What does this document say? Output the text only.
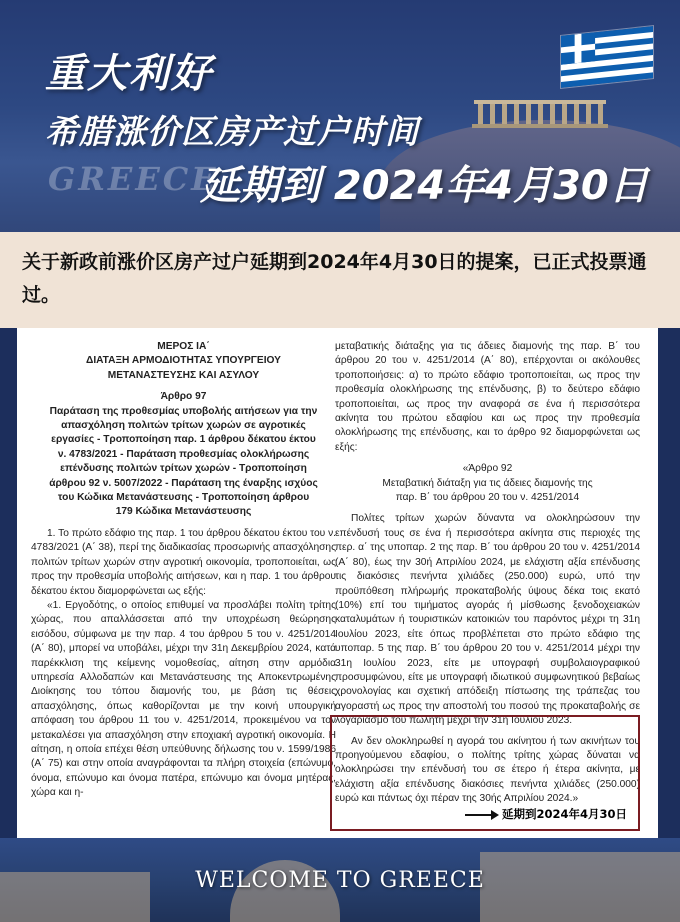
GREECE
重大利好
希腊涨价区房产过户时间
延期到 2024年4月30日

关于新政前涨价区房产过户延期到2024年4月30日的提案，已正式投票通过。

ΜΕΡΟΣ ΙΑ΄
ΔΙΑΤΑΞΗ ΑΡΜΟΔΙΟΤΗΤΑΣ ΥΠΟΥΡΓΕΙΟΥ
ΜΕΤΑΝΑΣΤΕΥΣΗΣ ΚΑΙ ΑΣΥΛΟΥ
Άρθρο 97
Παράταση της προθεσμίας υποβολής αιτήσεων για την απασχόληση πολιτών τρίτων χωρών σε αγροτικές εργασίες - Τροποποίηση παρ. 1 άρθρου δέκατου έκτου ν. 4783/2021 - Παράταση προθεσμίας ολοκλήρωσης επένδυσης πολιτών τρίτων χωρών - Τροποποίηση άρθρου 92 ν. 5007/2022 - Παράταση της έναρξης ισχύος του Κώδικα Μετανάστευσης - Τροποποίηση άρθρου 179 Κώδικα Μετανάστευσης

1. Το πρώτο εδάφιο της παρ. 1 του άρθρου δέκατου έκτου του ν. 4783/2021 (Α΄ 38), περί της διαδικασίας προσωρινής απασχόλησης πολιτών τρίτων χωρών στην αγροτική οικονομία, τροποποιείται, ως προς την προθεσμία υποβολής αιτήσεων, και η παρ. 1 του άρθρου δέκατου έκτου διαμορφώνεται ως εξής:

«1. Εργοδότης, ο οποίος επιθυμεί να προσλάβει πολίτη τρίτης χώρας, που απαλλάσσεται από την υποχρέωση θεώρησης εισόδου, σύμφωνα με την παρ. 4 του άρθρου 5 του ν. 4251/2014 (Α΄ 80), μπορεί να υποβάλει, μέχρι την 31η Δεκεμβρίου 2024, κατά παρέκκλιση της κείμενης νομοθεσίας, αίτηση στην αρμόδια υπηρεσία Αλλοδαπών και Μετανάστευσης της Αποκεντρωμένης Διοίκησης του τόπου διαμονής του, με βάση τις θέσεις απασχόλησης, όπως καθορίζονται με την κοινή υπουργική απόφαση του άρθρου 11 του ν. 4251/2014, προκειμένου να τον μετακαλέσει για απασχόληση στην εποχιακή αγροτική οικονομία. Η αίτηση, η οποία επέχει θέση υπεύθυνης δήλωσης του ν. 1599/1986 (Α΄ 75) και στην οποία αναγράφονται τα πλήρη στοιχεία (επώνυμο, όνομα, επώνυμο και όνομα πατέρα, επώνυμο και όνομα μητέρας, χώρα και η-

μεταβατικής διάταξης για τις άδειες διαμονής της παρ. Β΄ του άρθρου 20 του ν. 4251/2014 (Α΄ 80), επέρχονται οι ακόλουθες τροποποιήσεις: α) το πρώτο εδάφιο τροποποιείται, ως προς την προθεσμία ολοκλήρωσης της επένδυσης, β) το δεύτερο εδάφιο τροποποιείται, ως προς την αναφορά σε ένα ή περισσότερα ακίνητα του πρώτου εδαφίου και ως προς την προθεσμία ολοκλήρωσης της επένδυσης, και το άρθρο 92 διαμορφώνεται ως εξής:

«Άρθρο 92
Μεταβατική διάταξη για τις άδειες διαμονής της παρ. Β΄ του άρθρου 20 του ν. 4251/2014

Πολίτες τρίτων χωρών δύναντα να ολοκληρώσουν την επένδυσή τους σε ένα ή περισσότερα ακίνητα στις περιοχές της περ. α΄ της υποπαρ. 2 της παρ. Β΄ του άρθρου 20 του ν. 4251/2014 (Α΄ 80), έως την 30ή Απριλίου 2024, με ελάχιστη αξία επένδυσης τις διακόσιες πενήντα χιλιάδες (250.000) ευρώ, υπό την προϋπόθεση πλήρωμής προκαταβολής ύψους δέκα τοις εκατό (10%) επί του τιμήματος αγοράς ή μίσθωσης ξενοδοχειακών καταλυμάτων ή τουριστικών κατοικιών του παρόντος μέχρι τη 31η Ιουλίου 2023, είτε όπως προβλέπεται στο πρώτο εδάφιο της υποπαρ. 5 της παρ. Β΄ του άρθρου 20 του ν. 4251/2014 μέχρι την 31η Ιουλίου 2023, είτε με υπογραφή συμβολαιογραφικού προσυμφώνου, είτε με υπογραφή ιδιωτικού συμφωνητικού βεβαίως χρονολογίας και σχετική απόδειξη πίστωσης της τράπεζας του αγοραστή ως προς την αποστολή του ποσού της προκαταβολής σε λογαριασμό του πωλητή μέχρι την 31η Ιουλίου 2023.

Αν δεν ολοκληρωθεί η αγορά του ακίνητου ή των ακινήτων του προηγούμενου εδαφίου, ο πολίτης τρίτης χώρας δύναται να ολοκληρώσει την επένδυσή του σε έτερο ή έτερα ακίνητα, με ελάχιστη αξία επένδυσης διακόσιες πενήντα χιλιάδες (250.000) ευρώ και πάντως όχι πέραν της 30ής Απριλίου 2024.»

延期到2024年4月30日
WELCOME TO GREECE
